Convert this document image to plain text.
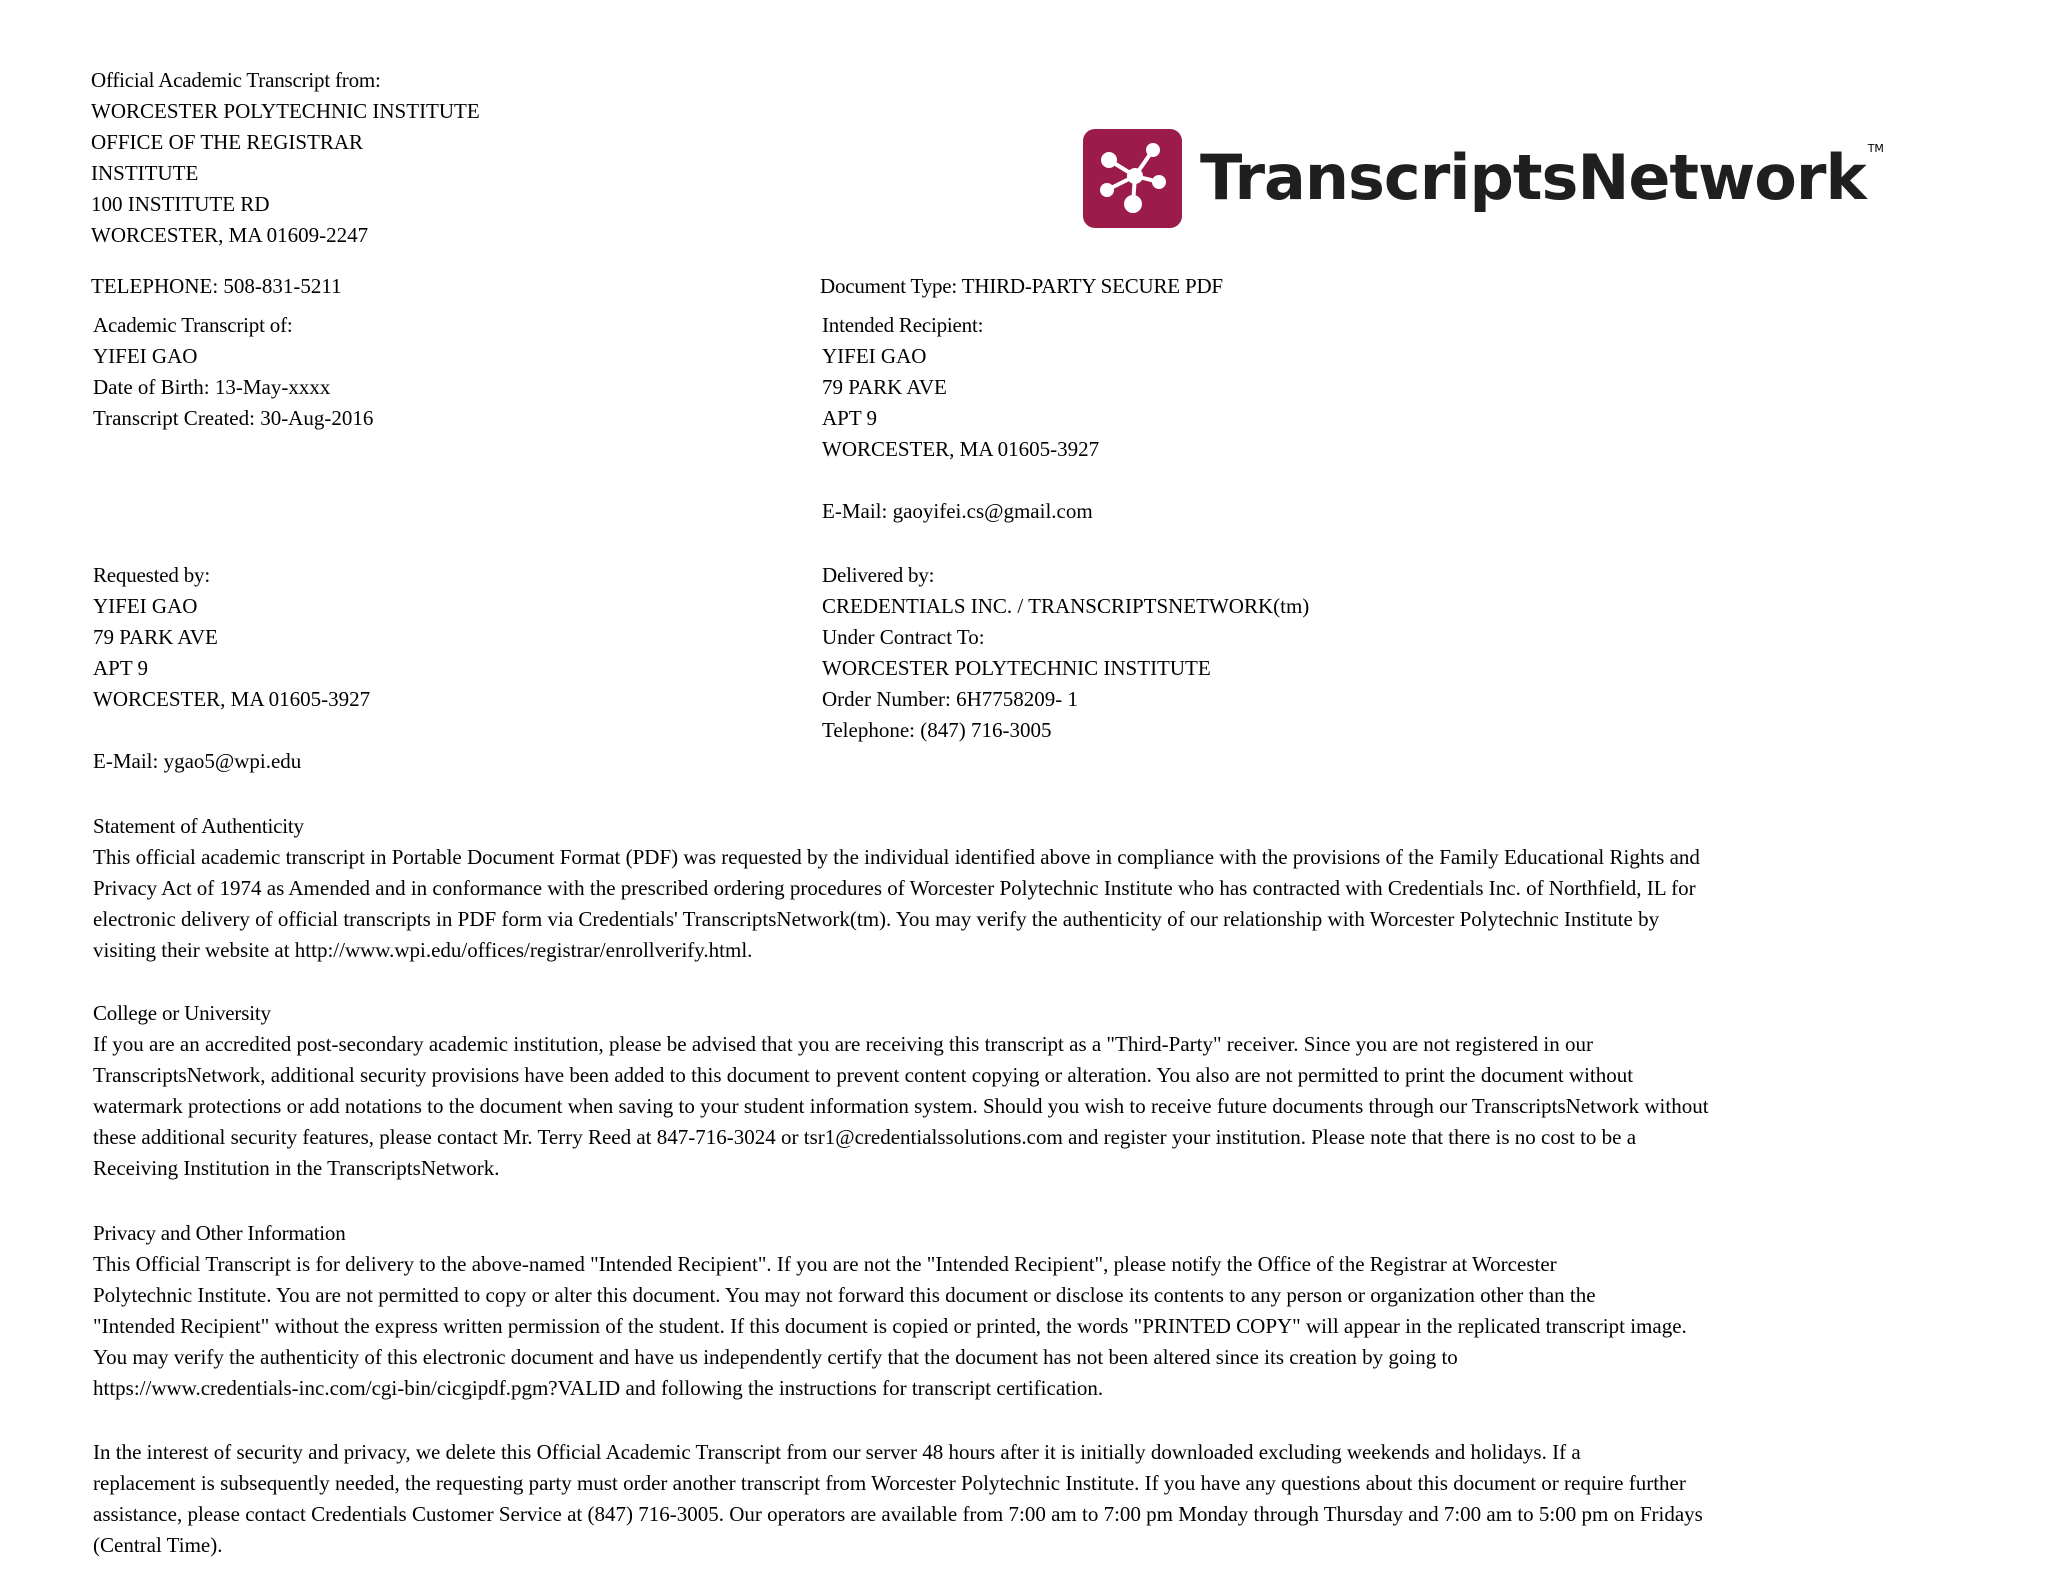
Official Academic Transcript from:
WORCESTER POLYTECHNIC INSTITUTE
OFFICE OF THE REGISTRAR
INSTITUTE
100 INSTITUTE RD
WORCESTER, MA 01609-2247
TELEPHONE: 508-831-5211
TranscriptsNetwork TM
Document Type: THIRD-PARTY SECURE PDF
Academic Transcript of:
YIFEI GAO
Date of Birth: 13-May-xxxx
Transcript Created: 30-Aug-2016
Intended Recipient:
YIFEI GAO
79 PARK AVE
APT 9
WORCESTER, MA 01605-3927
E-Mail: gaoyifei.cs@gmail.com
Requested by:
YIFEI GAO
79 PARK AVE
APT 9
WORCESTER, MA 01605-3927
E-Mail: ygao5@wpi.edu
Delivered by:
CREDENTIALS INC. / TRANSCRIPTSNETWORK(tm)
Under Contract To:
WORCESTER POLYTECHNIC INSTITUTE
Order Number: 6H7758209- 1
Telephone: (847) 716-3005
Statement of Authenticity
This official academic transcript in Portable Document Format (PDF) was requested by the individual identified above in compliance with the provisions of the Family Educational Rights and
Privacy Act of 1974 as Amended and in conformance with the prescribed ordering procedures of Worcester Polytechnic Institute who has contracted with Credentials Inc. of Northfield, IL for
electronic delivery of official transcripts in PDF form via Credentials' TranscriptsNetwork(tm). You may verify the authenticity of our relationship with Worcester Polytechnic Institute by
visiting their website at http://www.wpi.edu/offices/registrar/enrollverify.html.
College or University
If you are an accredited post-secondary academic institution, please be advised that you are receiving this transcript as a "Third-Party" receiver. Since you are not registered in our
TranscriptsNetwork, additional security provisions have been added to this document to prevent content copying or alteration. You also are not permitted to print the document without
watermark protections or add notations to the document when saving to your student information system. Should you wish to receive future documents through our TranscriptsNetwork without
these additional security features, please contact Mr. Terry Reed at 847-716-3024 or tsr1@credentialssolutions.com and register your institution. Please note that there is no cost to be a
Receiving Institution in the TranscriptsNetwork.
Privacy and Other Information
This Official Transcript is for delivery to the above-named "Intended Recipient". If you are not the "Intended Recipient", please notify the Office of the Registrar at Worcester
Polytechnic Institute. You are not permitted to copy or alter this document. You may not forward this document or disclose its contents to any person or organization other than the
"Intended Recipient" without the express written permission of the student. If this document is copied or printed, the words "PRINTED COPY" will appear in the replicated transcript image.
You may verify the authenticity of this electronic document and have us independently certify that the document has not been altered since its creation by going to
https://www.credentials-inc.com/cgi-bin/cicgipdf.pgm?VALID and following the instructions for transcript certification.
In the interest of security and privacy, we delete this Official Academic Transcript from our server 48 hours after it is initially downloaded excluding weekends and holidays. If a
replacement is subsequently needed, the requesting party must order another transcript from Worcester Polytechnic Institute. If you have any questions about this document or require further
assistance, please contact Credentials Customer Service at (847) 716-3005. Our operators are available from 7:00 am to 7:00 pm Monday through Thursday and 7:00 am to 5:00 pm on Fridays
(Central Time).
